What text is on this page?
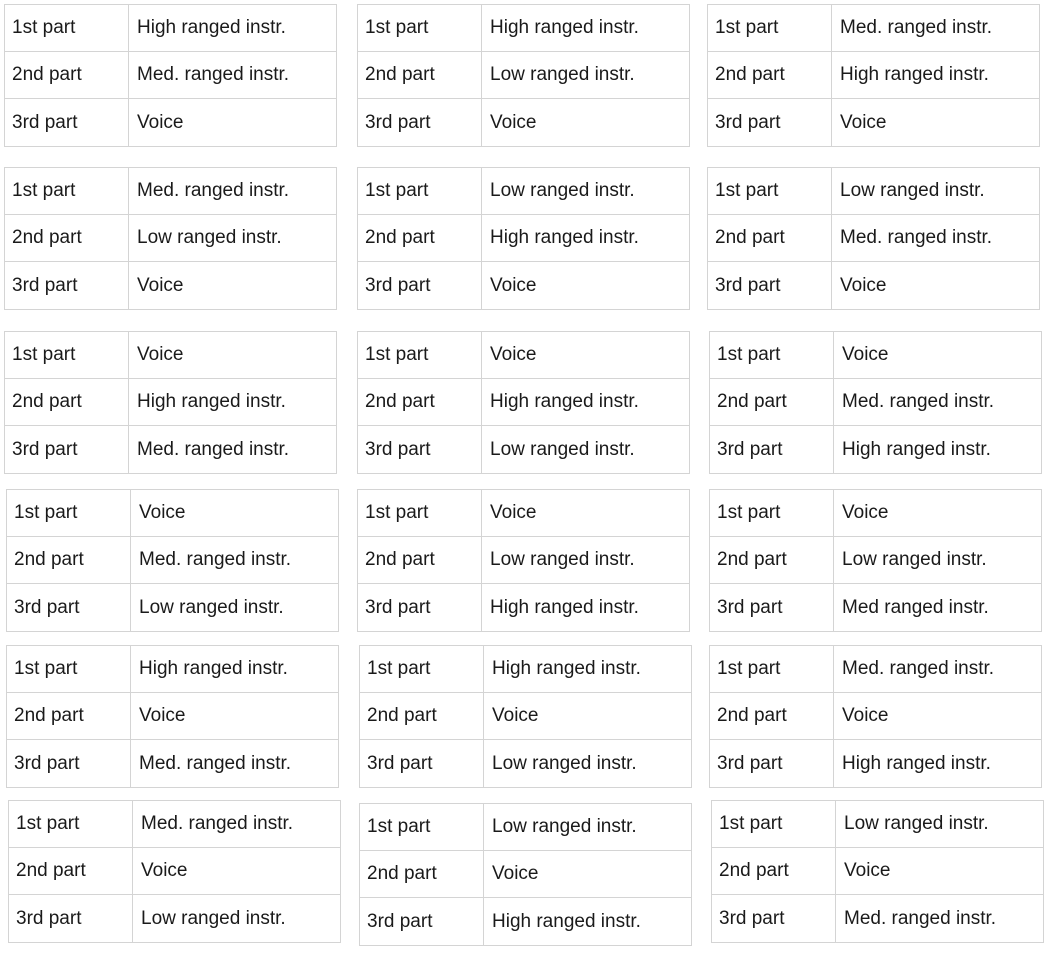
1st part	High ranged instr.
2nd part	Med. ranged instr.
3rd part	Voice
1st part	High ranged instr.
2nd part	Low ranged instr.
3rd part	Voice
1st part	Med. ranged instr.
2nd part	High ranged instr.
3rd part	Voice
1st part	Med. ranged instr.
2nd part	Low ranged instr.
3rd part	Voice
1st part	Low ranged instr.
2nd part	High ranged instr.
3rd part	Voice
1st part	Low ranged instr.
2nd part	Med. ranged instr.
3rd part	Voice
1st part	Voice
2nd part	High ranged instr.
3rd part	Med. ranged instr.
1st part	Voice
2nd part	High ranged instr.
3rd part	Low ranged instr.
1st part	Voice
2nd part	Med. ranged instr.
3rd part	High ranged instr.
1st part	Voice
2nd part	Med. ranged instr.
3rd part	Low ranged instr.
1st part	Voice
2nd part	Low ranged instr.
3rd part	High ranged instr.
1st part	Voice
2nd part	Low ranged instr.
3rd part	Med ranged instr.
1st part	High ranged instr.
2nd part	Voice
3rd part	Med. ranged instr.
1st part	High ranged instr.
2nd part	Voice
3rd part	Low ranged instr.
1st part	Med. ranged instr.
2nd part	Voice
3rd part	High ranged instr.
1st part	Med. ranged instr.
2nd part	Voice
3rd part	Low ranged instr.
1st part	Low ranged instr.
2nd part	Voice
3rd part	High ranged instr.
1st part	Low ranged instr.
2nd part	Voice
3rd part	Med. ranged instr.
